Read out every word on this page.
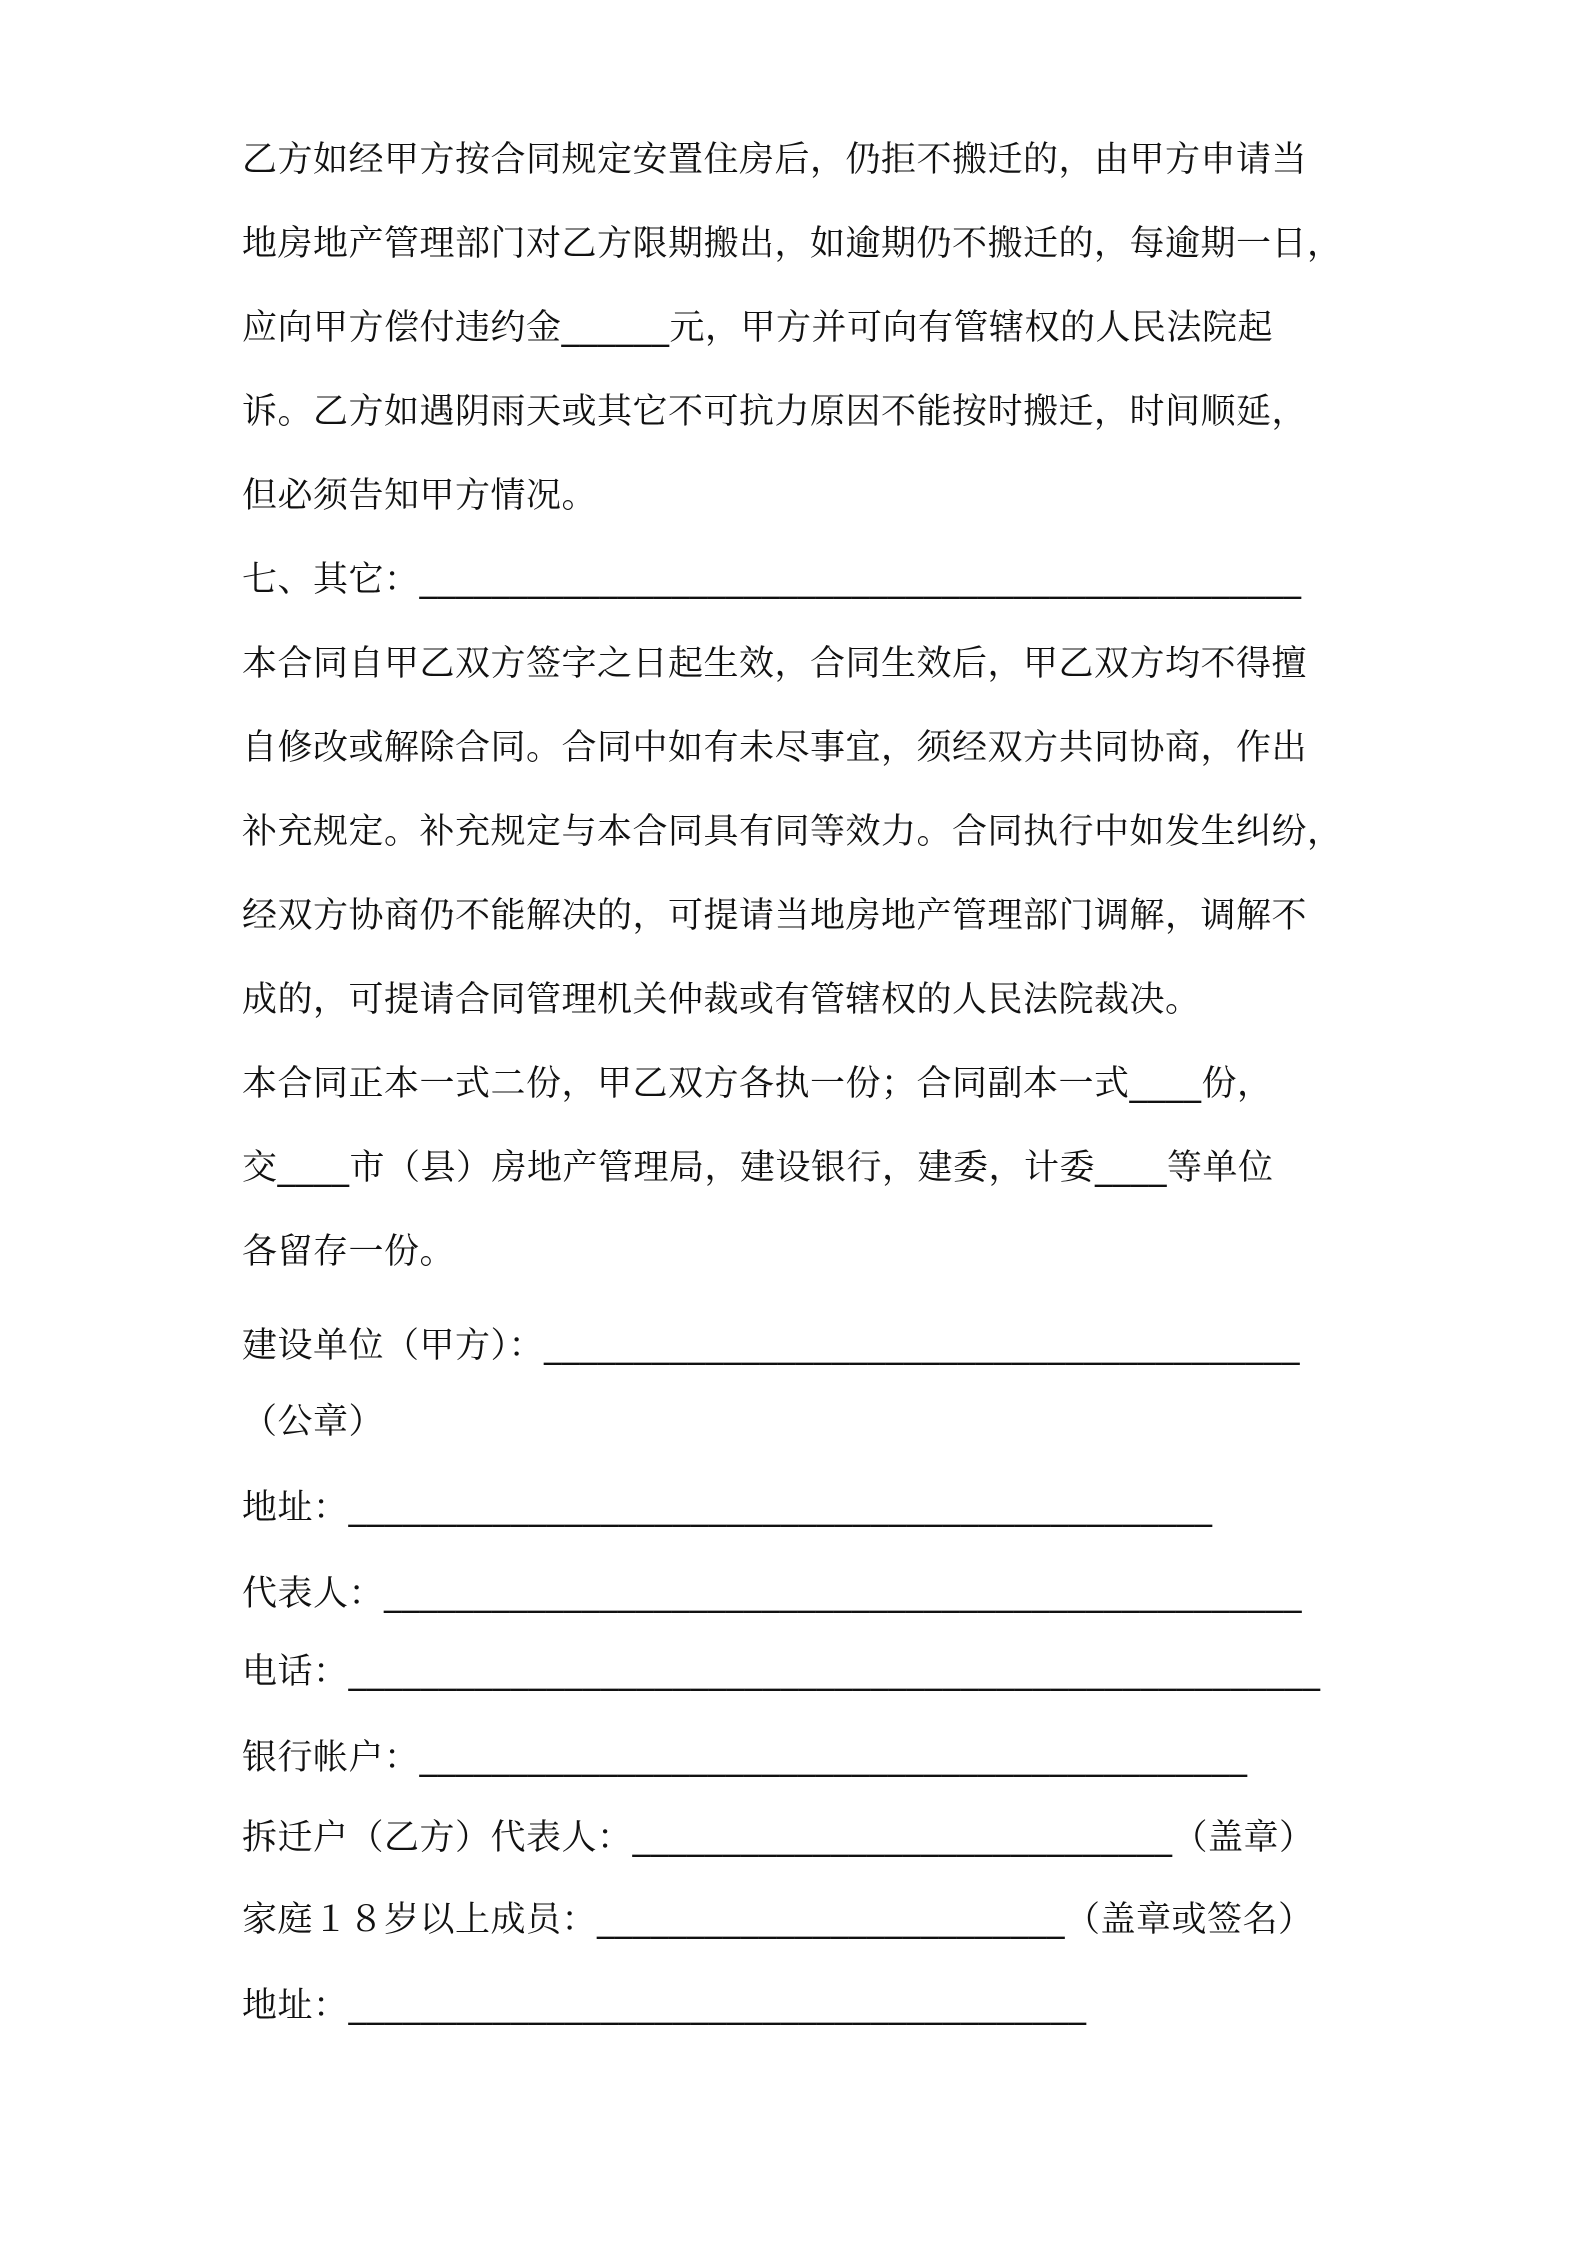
乙方如经甲方按合同规定安置住房后，仍拒不搬迁的，由甲方申请当
地房地产管理部门对乙方限期搬出，如逾期仍不搬迁的，每逾期一日，
应向甲方偿付违约金______元，甲方并可向有管辖权的人民法院起
诉。乙方如遇阴雨天或其它不可抗力原因不能按时搬迁，时间顺延，
但必须告知甲方情况。
七、其它：_________________________________________________
本合同自甲乙双方签字之日起生效，合同生效后，甲乙双方均不得擅
自修改或解除合同。合同中如有未尽事宜，须经双方共同协商，作出
补充规定。补充规定与本合同具有同等效力。合同执行中如发生纠纷，
经双方协商仍不能解决的，可提请当地房地产管理部门调解，调解不
成的，可提请合同管理机关仲裁或有管辖权的人民法院裁决。
本合同正本一式二份，甲乙双方各执一份；合同副本一式____份，
交____市（县）房地产管理局，建设银行，建委，计委____等单位
各留存一份。
建设单位（甲方）：__________________________________________
（公章）
地址：________________________________________________
代表人：___________________________________________________
电话：______________________________________________________
银行帐户：______________________________________________
拆迁户（乙方）代表人：______________________________（盖章）
家庭１８岁以上成员：__________________________（盖章或签名）
地址：_________________________________________
